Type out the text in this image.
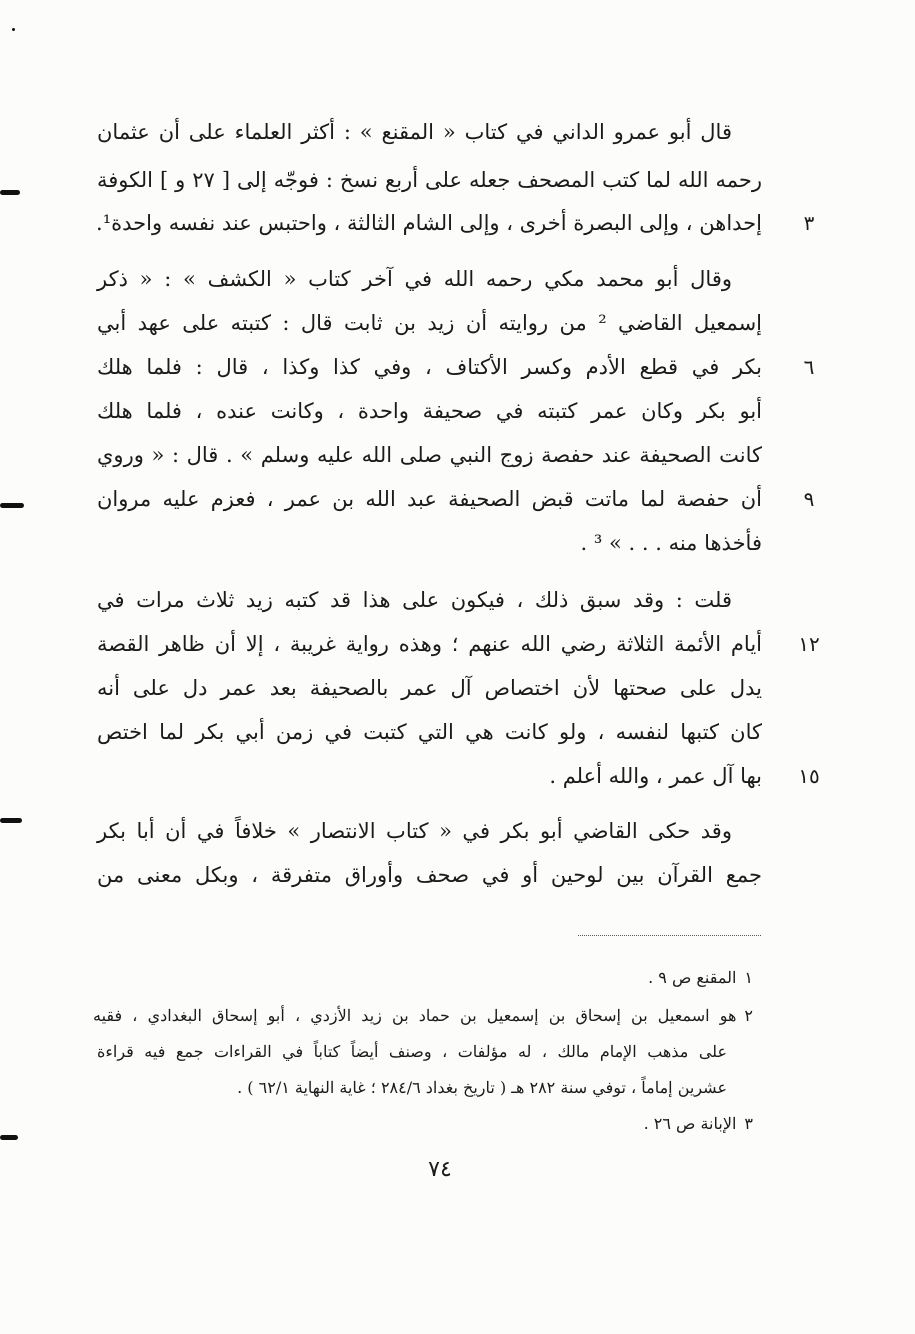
قال أبو عمرو الداني في كتاب « المقنع » : أكثر العلماء على أن عثمان
رحمه الله لما كتب المصحف جعله على أربع نسخ : فوجّه إلى [ ٢٧ و ] الكوفة
إحداهن ، وإلى البصرة أخرى ، وإلى الشام الثالثة ، واحتبس عند نفسه واحدة¹.	٣
وقال أبو محمد مكي رحمه الله في آخر كتاب « الكشف » : « ذكر
إسمعيل القاضي ² من روايته أن زيد بن ثابت قال : كتبته على عهد أبي
بكر في قطع الأدم وكسر الأكتاف ، وفي كذا وكذا ، قال : فلما هلك	٦
أبو بكر وكان عمر كتبته في صحيفة واحدة ، وكانت عنده ، فلما هلك
كانت الصحيفة عند حفصة زوج النبي صلى الله عليه وسلم » . قال : « وروي
أن حفصة لما ماتت قبض الصحيفة عبد الله بن عمر ، فعزم عليه مروان	٩
فأخذها منه . . . » ³ .
قلت : وقد سبق ذلك ، فيكون على هذا قد كتبه زيد ثلاث مرات في
أيام الأئمة الثلاثة رضي الله عنهم ؛ وهذه رواية غريبة ، إلا أن ظاهر القصة ١٢
يدل على صحتها لأن اختصاص آل عمر بالصحيفة بعد عمر دل على أنه
كان كتبها لنفسه ، ولو كانت هي التي كتبت في زمن أبي بكر لما اختص
بها آل عمر ، والله أعلم . ١٥
وقد حكى القاضي أبو بكر في « كتاب الانتصار » خلافاً في أن أبا بكر
جمع القرآن بين لوحين أو في صحف وأوراق متفرقة ، وبكل معنى من
١المقنع ص ٩ .
٢هو اسمعيل بن إسحاق بن إسمعيل بن حماد بن زيد الأزدي ، أبو إسحاق البغدادي ، فقيه
على مذهب الإمام مالك ، له مؤلفات ، وصنف أيضاً كتاباً في القراءات جمع فيه قراءة
عشرين إماماً ، توفي سنة ٢٨٢ هـ ( تاريخ بغداد ٢٨٤/٦ ؛ غاية النهاية ٦٢/١ ) .
٣الإبانة ص ٢٦ .
٧٤
